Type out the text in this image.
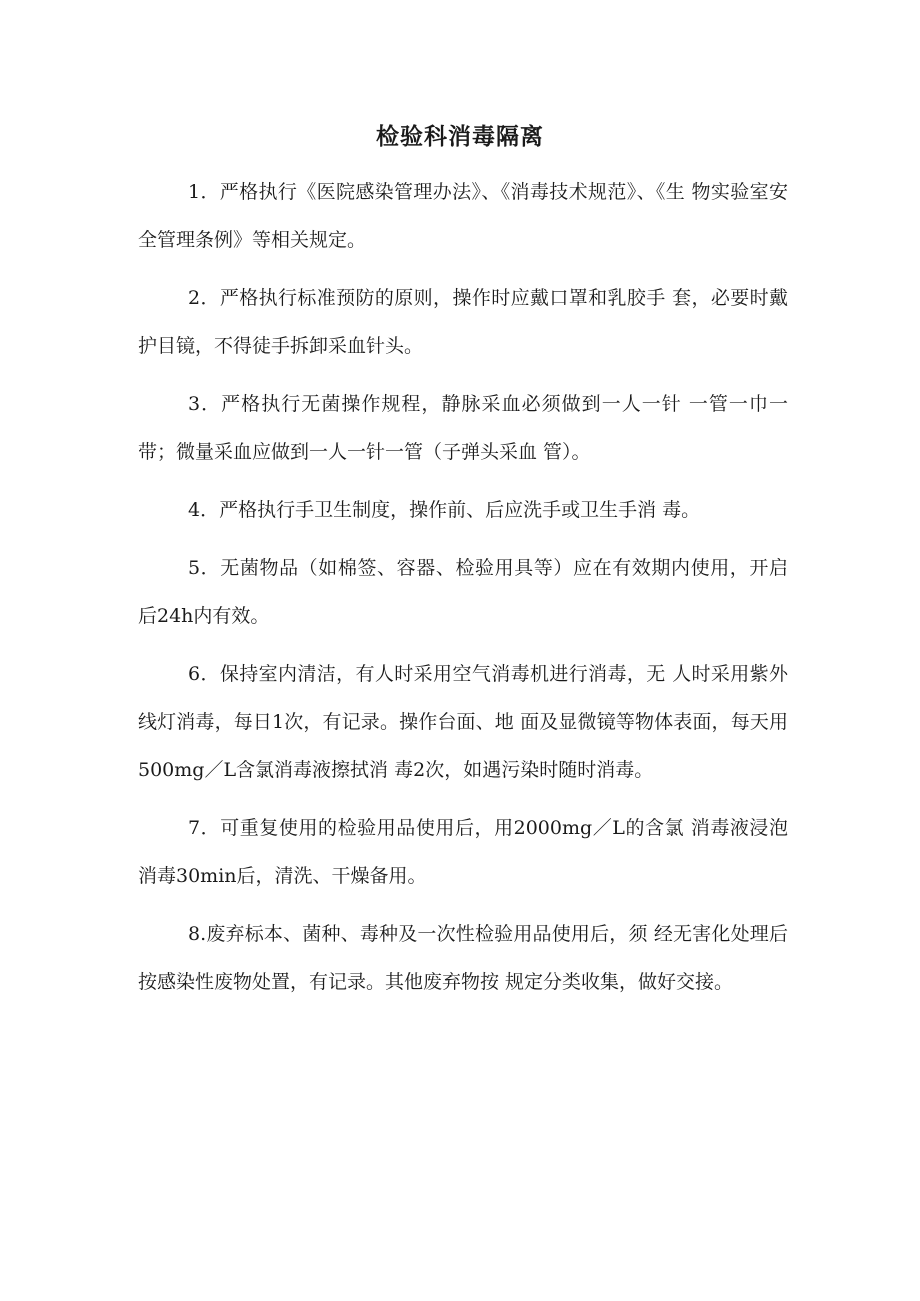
检验科消毒隔离

1．严格执行《医院感染管理办法》、《消毒技术规范》、《生 物实验室安全管理条例》等相关规定。

2．严格执行标准预防的原则，操作时应戴口罩和乳胶手 套，必要时戴护目镜，不得徒手拆卸采血针头。

3．严格执行无菌操作规程，静脉采血必须做到一人一针 一管一巾一带；微量采血应做到一人一针一管（子弹头采血 管）。

4．严格执行手卫生制度，操作前、后应洗手或卫生手消 毒。

5．无菌物品（如棉签、容器、检验用具等）应在有效期内使用，开启后24h内有效。

6．保持室内清洁，有人时采用空气消毒机进行消毒，无 人时采用紫外线灯消毒，每日1次，有记录。操作台面、地 面及显微镜等物体表面，每天用500mg／L含氯消毒液擦拭消 毒2次，如遇污染时随时消毒。

7．可重复使用的检验用品使用后，用2000mg／L的含氯 消毒液浸泡消毒30min后，清洗、干燥备用。

8.废弃标本、菌种、毒种及一次性检验用品使用后，须 经无害化处理后按感染性废物处置，有记录。其他废弃物按 规定分类收集，做好交接。
